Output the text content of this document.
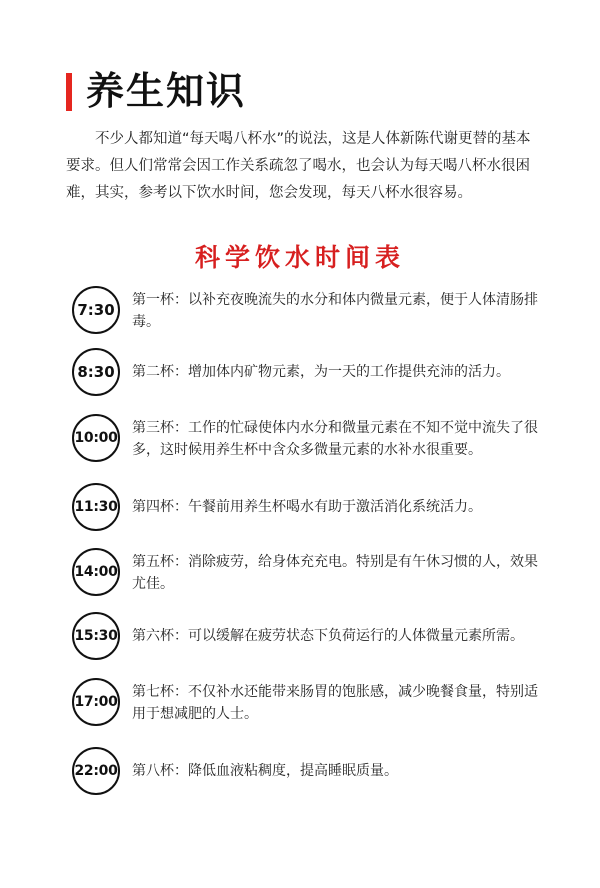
养生知识

不少人都知道“每天喝八杯水”的说法，这是人体新陈代谢更替的基本要求。但人们常常会因工作关系疏忽了喝水，也会认为每天喝八杯水很困难，其实，参考以下饮水时间，您会发现，每天八杯水很容易。

科学饮水时间表
7:30
第一杯：以补充夜晚流失的水分和体内微量元素，便于人体清肠排毒。
8:30	第二杯：增加体内矿物元素，为一天的工作提供充沛的活力。
10:00
第三杯：工作的忙碌使体内水分和微量元素在不知不觉中流失了很多，这时候用养生杯中含众多微量元素的水补水很重要。
11:30 第四杯：午餐前用养生杯喝水有助于激活消化系统活力。
14:00
第五杯：消除疲劳，给身体充充电。特别是有午休习惯的人，效果尤佳。
15:30 第六杯：可以缓解在疲劳状态下负荷运行的人体微量元素所需。
17:00
第七杯：不仅补水还能带来肠胃的饱胀感，减少晚餐食量，特别适用于想减肥的人士。
22:00 第八杯：降低血液粘稠度，提高睡眠质量。
